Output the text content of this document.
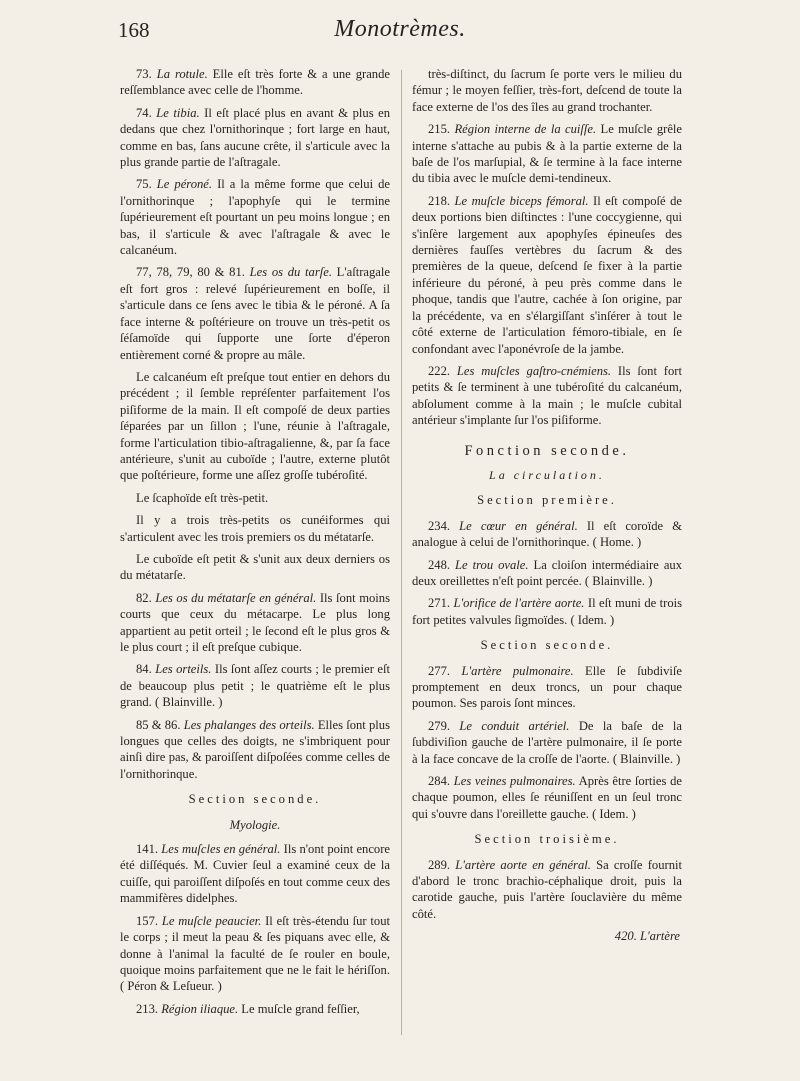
168	Monotrèmes.

73. La rotule. Elle eſt très forte & a une grande reſſemblance avec celle de l'homme.

74. Le tibia. Il eſt placé plus en avant & plus en dedans que chez l'ornithorinque ; fort large en haut, comme en bas, ſans aucune crête, il s'articule avec la plus grande partie de l'aſtragale.

75. Le péroné. Il a la même forme que celui de l'ornithorinque ; l'apophyſe qui le termine ſupérieurement eſt pourtant un peu moins longue ; en bas, il s'articule & avec l'aſtragale & avec le calcanéum.

77, 78, 79, 80 & 81. Les os du tarſe. L'aſtragale eſt fort gros : relevé ſupérieurement en boſſe, il s'articule dans ce ſens avec le tibia & le péroné. A ſa face interne & poſtérieure on trouve un très-petit os ſéſamoïde qui ſupporte une ſorte d'éperon entièrement corné & propre au mâle.

Le calcanéum eſt preſque tout entier en dehors du précédent ; il ſemble repréſenter parfaitement l'os piſiforme de la main. Il eſt compoſé de deux parties ſéparées par un ſillon ; l'une, réunie à l'aſtragale, forme l'articulation tibio-aſtragalienne, &, par ſa face antérieure, s'unit au cuboïde ; l'autre, externe plutôt que poſtérieure, forme une aſſez groſſe tubéroſité.

Le ſcaphoïde eſt très-petit.

Il y a trois très-petits os cunéiformes qui s'articulent avec les trois premiers os du métatarſe.

Le cuboïde eſt petit & s'unit aux deux derniers os du métatarſe.

82. Les os du métatarſe en général. Ils ſont moins courts que ceux du métacarpe. Le plus long appartient au petit orteil ; le ſecond eſt le plus gros & le plus court ; il eſt preſque cubique.

84. Les orteils. Ils ſont aſſez courts ; le premier eſt de beaucoup plus petit ; le quatrième eſt le plus grand. ( Blainville. )

85 & 86. Les phalanges des orteils. Elles ſont plus longues que celles des doigts, ne s'imbriquent pour ainſi dire pas, & paroiſſent diſpoſées comme celles de l'ornithorinque.

Section seconde.
Myologie.

141. Les muſcles en général. Ils n'ont point encore été diſſéqués. M. Cuvier ſeul a examiné ceux de la cuiſſe, qui paroiſſent diſpoſés en tout comme ceux des mammifères didelphes.

157. Le muſcle peaucier. Il eſt très-étendu ſur tout le corps ; il meut la peau & ſes piquans avec elle, & donne à l'animal la faculté de ſe rouler en boule, quoique moins parfaitement que ne le fait le hériſſon. ( Péron & Leſueur. )

213. Région iliaque. Le muſcle grand feſſier,

très-diſtinct, du ſacrum ſe porte vers le milieu du fémur ; le moyen feſſier, très-fort, deſcend de toute la face externe de l'os des îles au grand trochanter.

215. Région interne de la cuiſſe. Le muſcle grêle interne s'attache au pubis & à la partie externe de la baſe de l'os marſupial, & ſe termine à la face interne du tibia avec le muſcle demi-tendineux.

218. Le muſcle biceps fémoral. Il eſt compoſé de deux portions bien diſtinctes : l'une coccygienne, qui s'inſère largement aux apophyſes épineuſes des dernières fauſſes vertèbres du ſacrum & des premières de la queue, deſcend ſe fixer à la partie inférieure du péroné, à peu près comme dans le phoque, tandis que l'autre, cachée à ſon origine, par la précédente, va en s'élargiſſant s'inſérer à tout le côté externe de l'articulation fémoro-tibiale, en ſe confondant avec l'aponévroſe de la jambe.

222. Les muſcles gaſtro-cnémiens. Ils ſont fort petits & ſe terminent à une tubéroſité du calcanéum, abſolument comme à la main ; le muſcle cubital antérieur s'implante ſur l'os piſiforme.

Fonction seconde.
La circulation.
Section première.

234. Le cœur en général. Il eſt coroïde & analogue à celui de l'ornithorinque. ( Home. )

248. Le trou ovale. La cloiſon intermédiaire aux deux oreillettes n'eſt point percée. ( Blainville. )

271. L'orifice de l'artère aorte. Il eſt muni de trois fort petites valvules ſigmoïdes. ( Idem. )

Section seconde.

277. L'artère pulmonaire. Elle ſe ſubdiviſe promptement en deux troncs, un pour chaque poumon. Ses parois ſont minces.

279. Le conduit artériel. De la baſe de la ſubdiviſion gauche de l'artère pulmonaire, il ſe porte à la face concave de la croſſe de l'aorte. ( Blainville. )

284. Les veines pulmonaires. Après être ſorties de chaque poumon, elles ſe réuniſſent en un ſeul tronc qui s'ouvre dans l'oreillette gauche. ( Idem. )

Section troisième.

289. L'artère aorte en général. Sa croſſe fournit d'abord le tronc brachio-céphalique droit, puis la carotide gauche, puis l'artère ſouclavière du même côté.

420. L'artère
